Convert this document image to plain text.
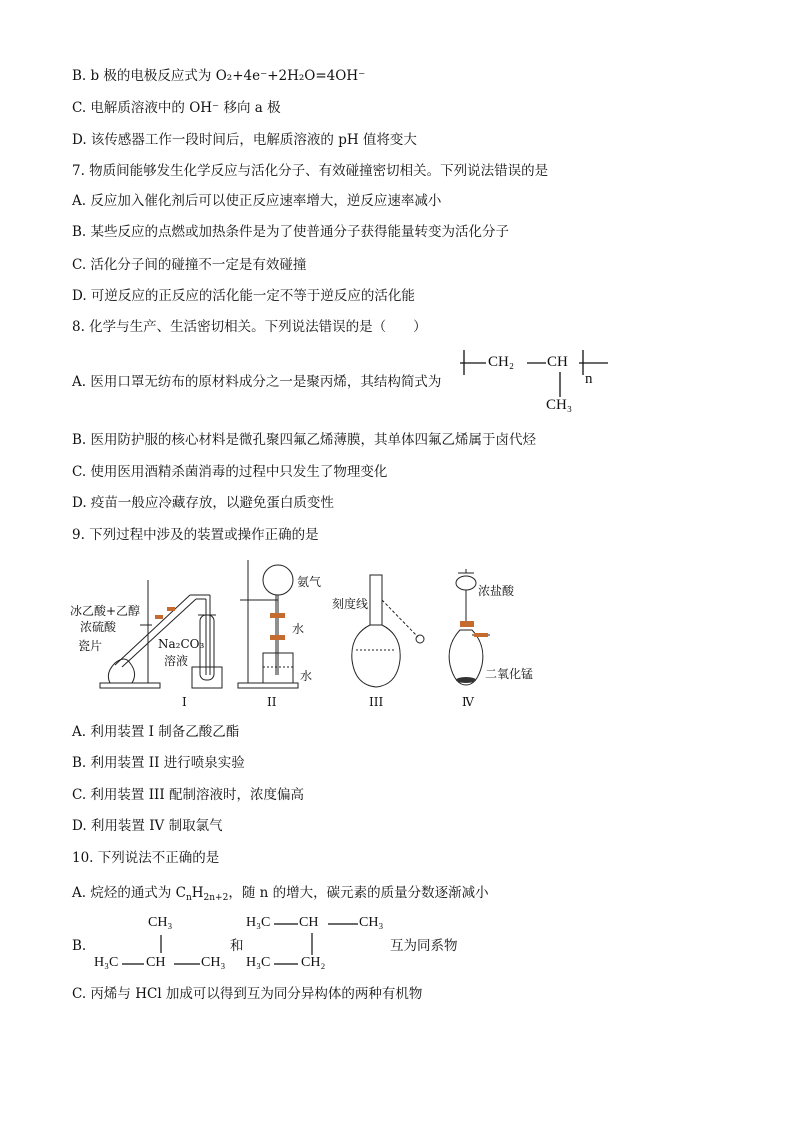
B. b 极的电极反应式为 O₂+4e⁻+2H₂O=4OH⁻
C. 电解质溶液中的 OH⁻ 移向 a 极
D. 该传感器工作一段时间后，电解质溶液的 pH 值将变大
7. 物质间能够发生化学反应与活化分子、有效碰撞密切相关。下列说法错误的是
A. 反应加入催化剂后可以使正反应速率增大，逆反应速率减小
B. 某些反应的点燃或加热条件是为了使普通分子获得能量转变为活化分子
C. 活化分子间的碰撞不一定是有效碰撞
D. 可逆反应的正反应的活化能一定不等于逆反应的活化能
8. 化学与生产、生活密切相关。下列说法错误的是（　　）
A. 医用口罩无纺布的原材料成分之一是聚丙烯，其结构简式为
CH₂ CH
n
CH₃
B. 医用防护服的核心材料是微孔聚四氟乙烯薄膜，其单体四氟乙烯属于卤代烃
C. 使用医用酒精杀菌消毒的过程中只发生了物理变化
D. 疫苗一般应冷藏存放，以避免蛋白质变性
9. 下列过程中涉及的装置或操作正确的是
冰乙酸+乙醇
浓硫酸
瓷片	Na₂CO₃
溶液
I
氨气
水
水
II
刻度线
III
浓盐酸
二氧化锰
Ⅳ
A. 利用装置 I 制备乙酸乙酯
B. 利用装置 II 进行喷泉实验
C. 利用装置 III 配制溶液时，浓度偏高
D. 利用装置 IV 制取氯气
10. 下列说法不正确的是
A. 烷烃的通式为 $C_nH_{2n+2}$，随 n 的增大，碳元素的质量分数逐渐减小
B.
CH₃
H₃C CH	CH₃
和
H₃C CH	CH₃
H₃C CH₂
互为同系物
C. 丙烯与 HCl 加成可以得到互为同分异构体的两种有机物
